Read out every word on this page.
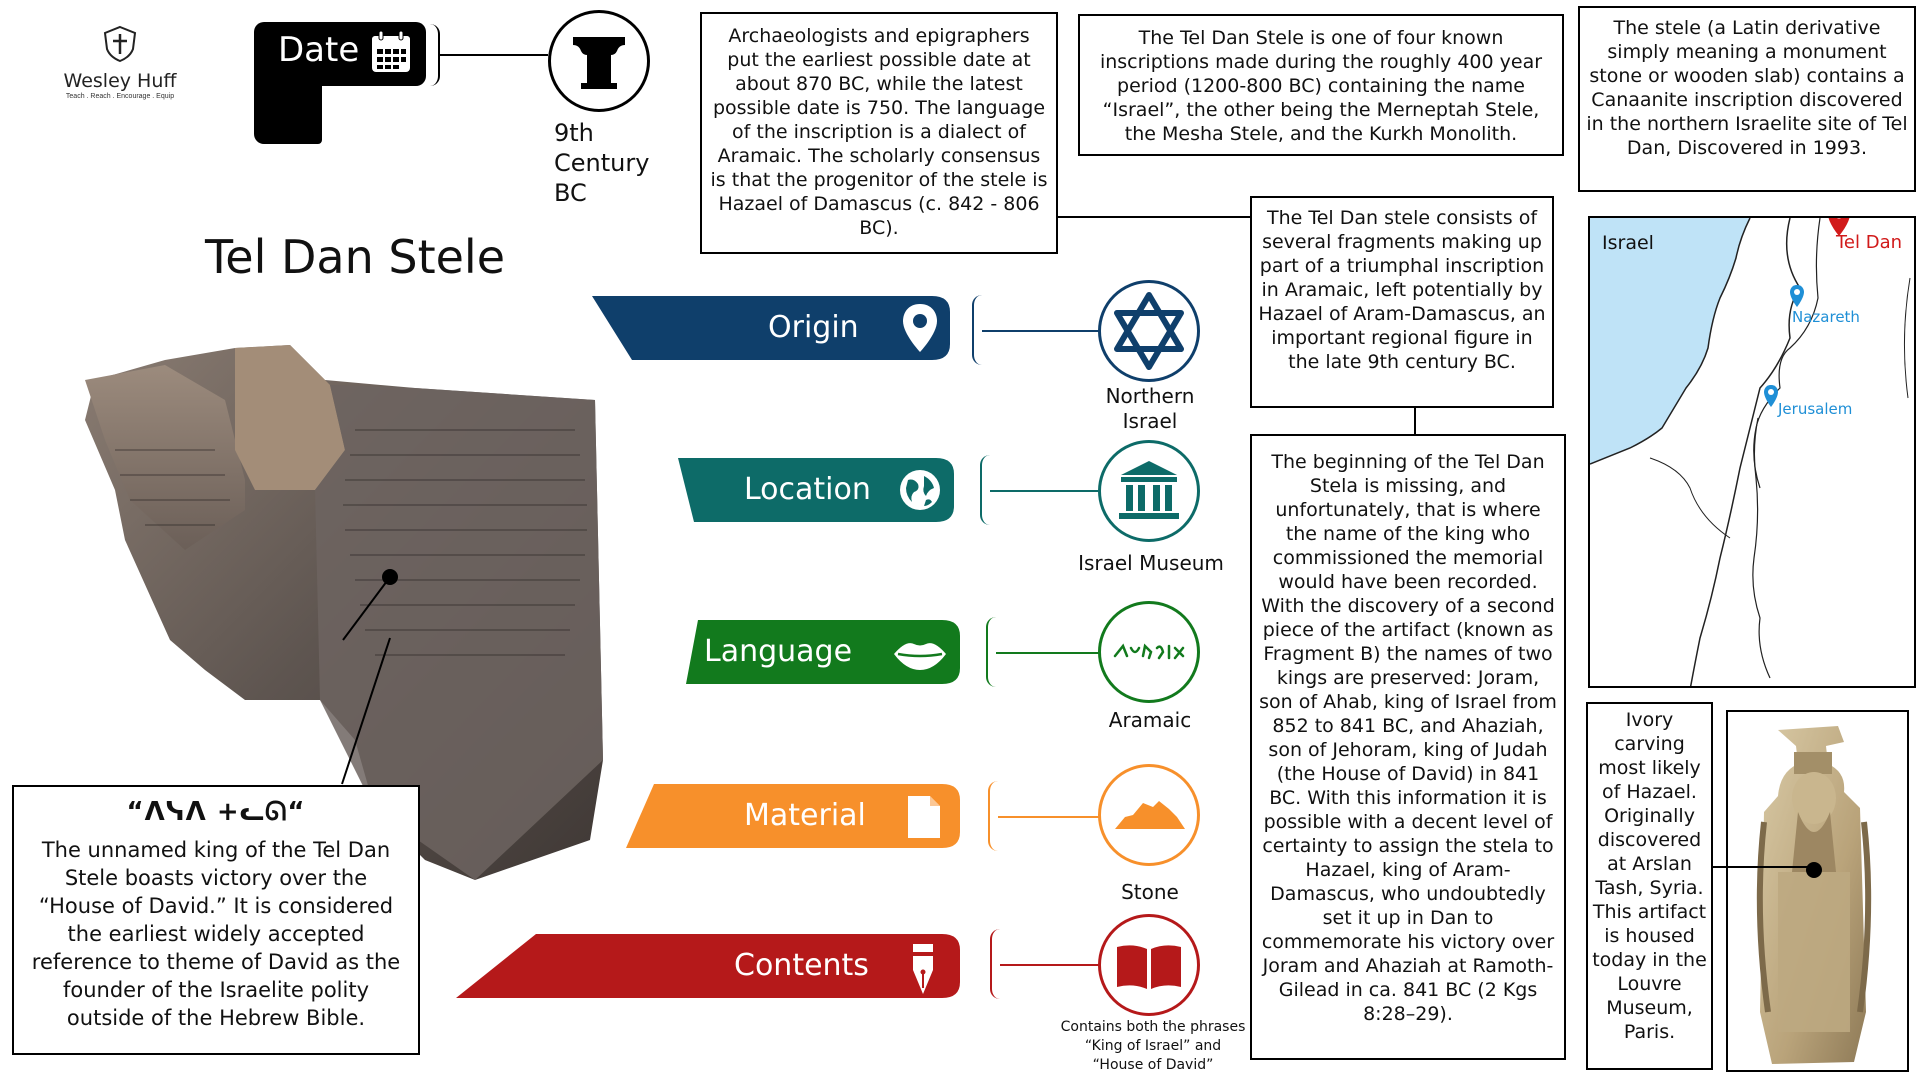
Wesley Huff
Teach . Reach . Encourage . Equip
Date
9th
Century
BC
Tel Dan Stele
“ᐱᓭᐱ +ᓚᘏ“
The unnamed king of the Tel Dan Stele boasts victory over the “House of David.” It is considered the earliest widely accepted reference to theme of David as the founder of the Israelite polity outside of the Hebrew Bible.
Origin
Northern Israel
Location
Israel Museum
Language
Aramaic
Material
Stone
Contents
Contains both the phrases “King of Israel” and “House of David”
Archaeologists and epigraphers put the earliest possible date at about 870 BC, while the latest possible date is 750. The language of the inscription is a dialect of Aramaic. The scholarly consensus is that the progenitor of the stele is Hazael of Damascus (c. 842 - 806 BC).
The Tel Dan Stele is one of four known inscriptions made during the roughly 400 year period (1200-800 BC) containing the name “Israel”, the other being the Merneptah Stele, the Mesha Stele, and the Kurkh Monolith.
The stele (a Latin derivative simply meaning a monument stone or wooden slab) contains a Canaanite inscription discovered in the northern Israelite site of Tel Dan, Discovered in 1993.
The Tel Dan stele consists of several fragments making up part of a triumphal inscription in Aramaic, left potentially by Hazael of Aram-Damascus, an important regional figure in the late 9th century BC.
The beginning of the Tel Dan Stela is missing, and unfortunately, that is where the name of the king who commissioned the memorial would have been recorded. With the discovery of a second piece of the artifact (known as Fragment B) the names of two kings are preserved: Joram, son of Ahab, king of Israel from 852 to 841 BC, and Ahaziah, son of Jehoram, king of Judah (the House of David) in 841 BC. With this information it is possible with a decent level of certainty to assign the stela to Hazael, king of Aram-Damascus, who undoubtedly set it up in Dan to commemorate his victory over Joram and Ahaziah at Ramoth-Gilead in ca. 841 BC (2 Kgs 8:28–29).
Israel	Tel Dan
Nazareth
Jerusalem
Ivory carving most likely of Hazael. Originally discovered at Arslan Tash, Syria. This artifact is housed today in the Louvre Museum, Paris.
